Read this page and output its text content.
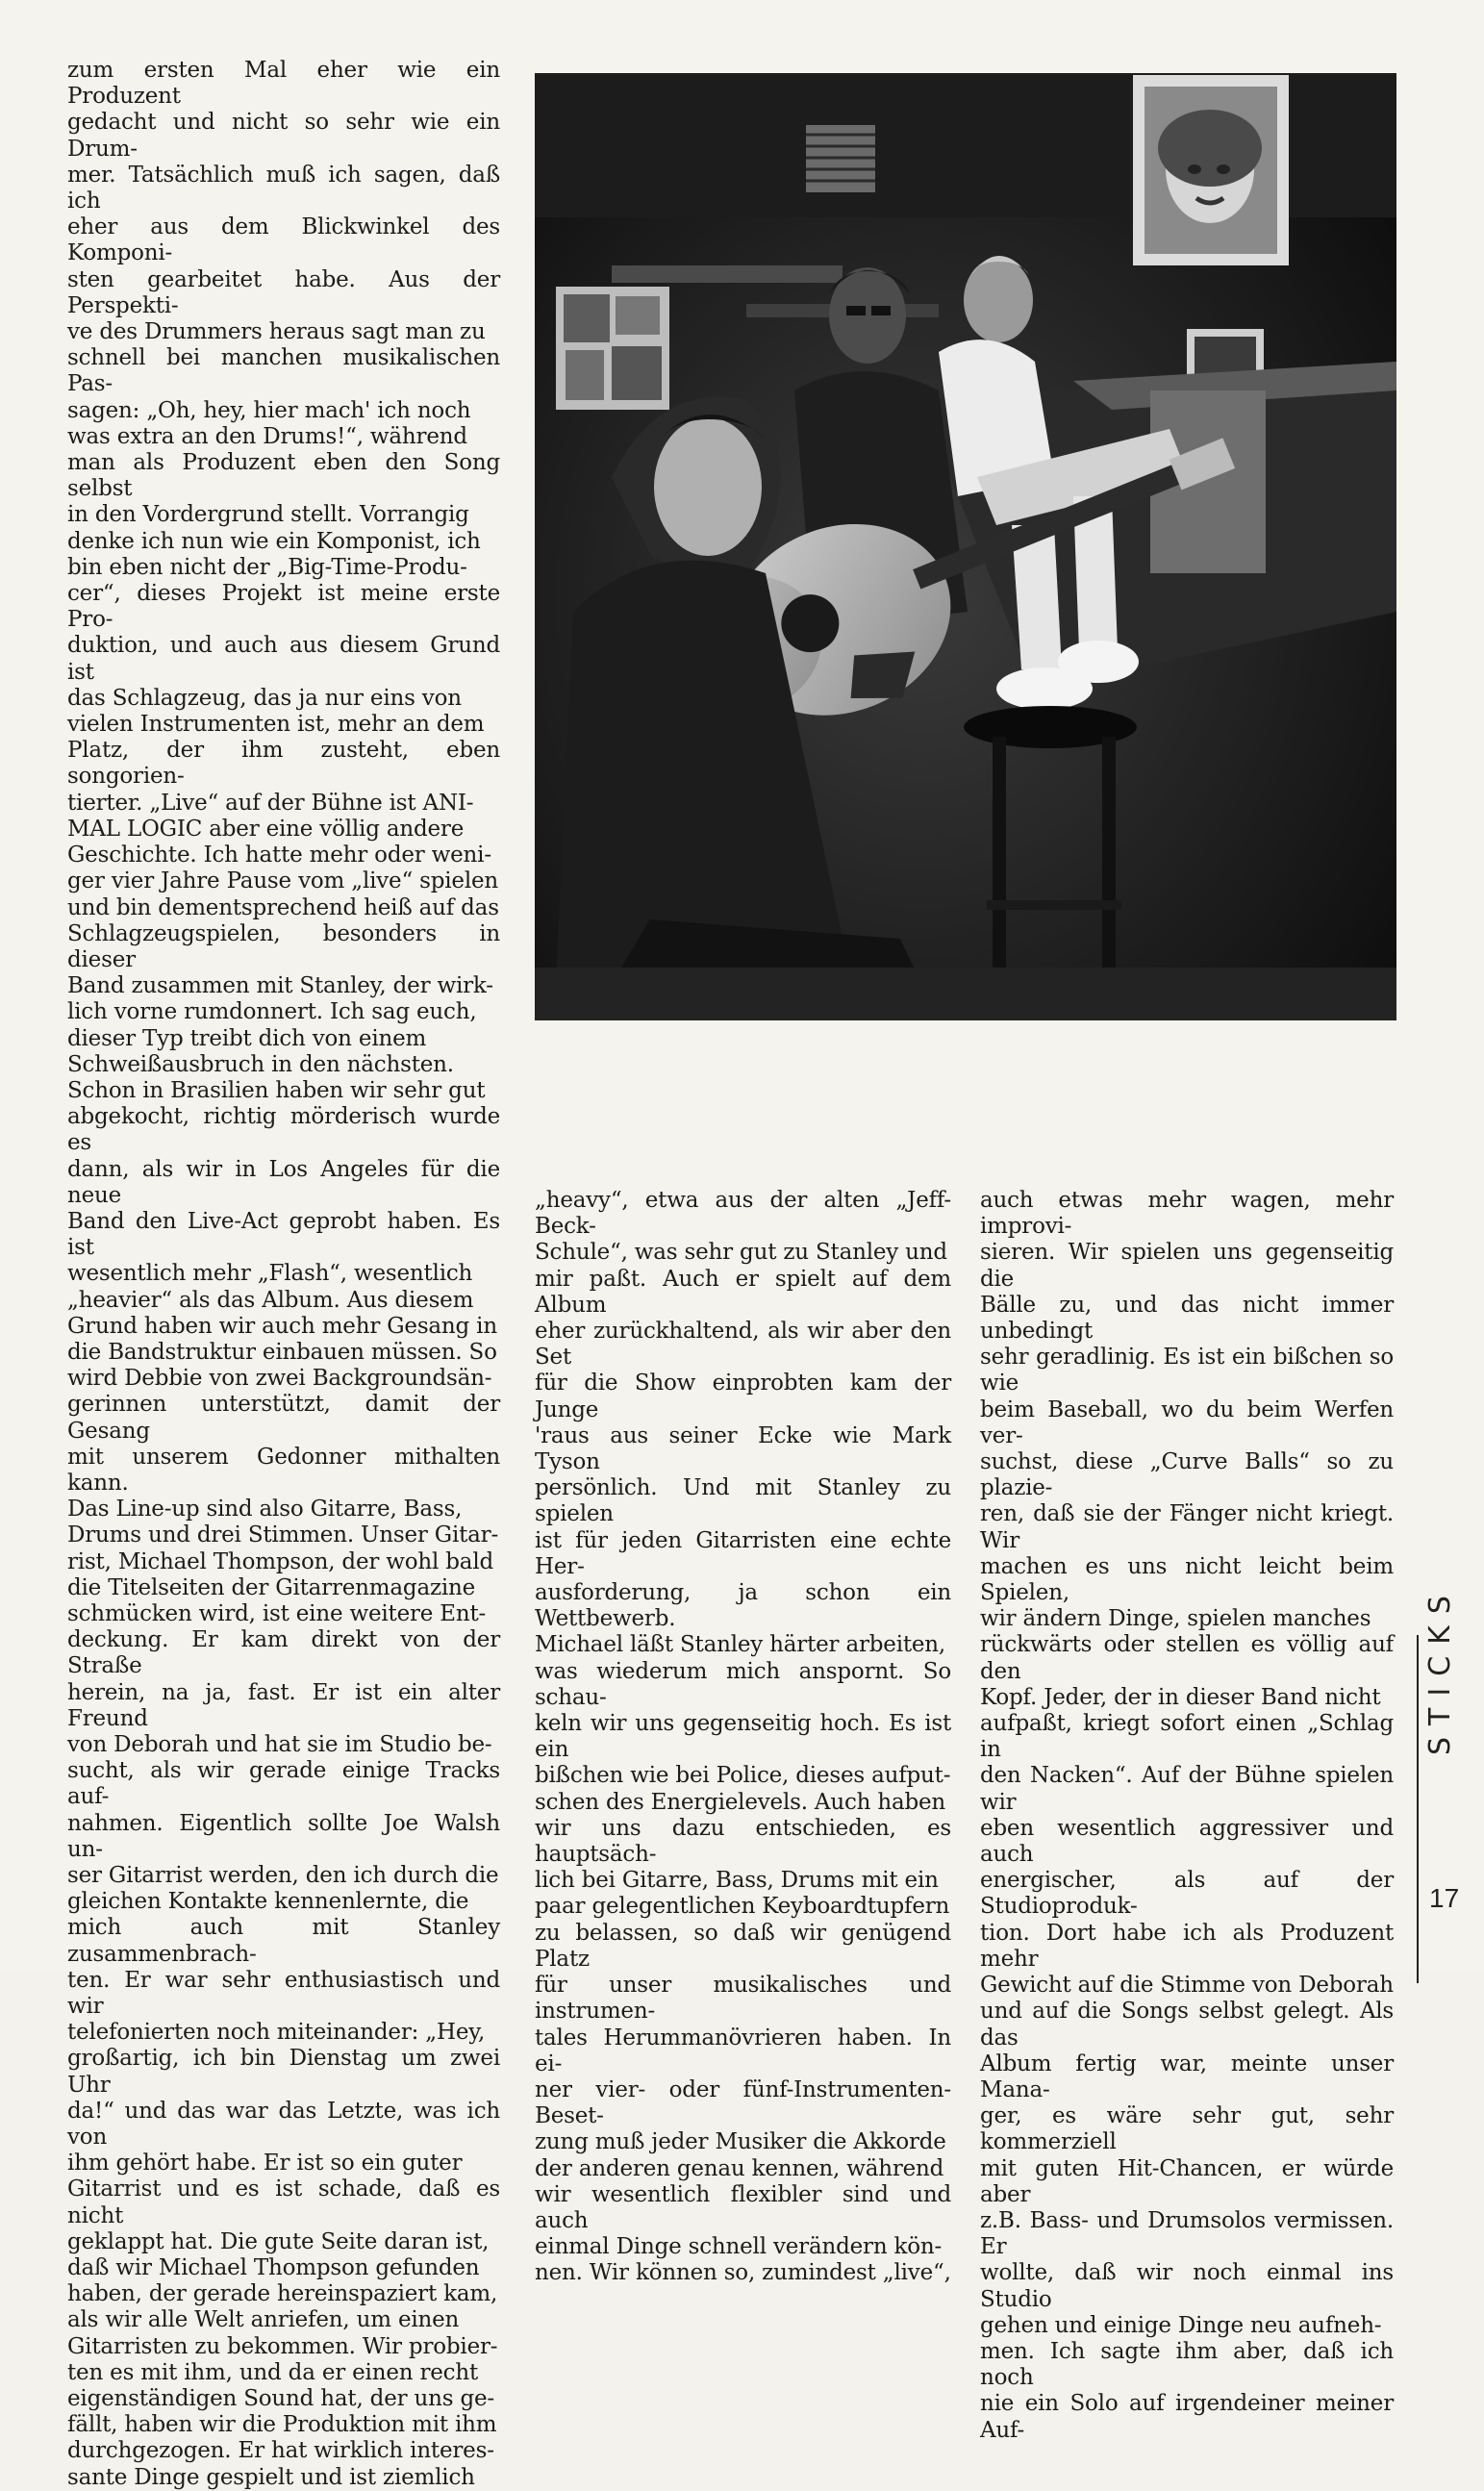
zum ersten Mal eher wie ein Produzent
gedacht und nicht so sehr wie ein Drum-
mer. Tatsächlich muß ich sagen, daß ich
eher aus dem Blickwinkel des Komponi-
sten gearbeitet habe. Aus der Perspekti-
ve des Drummers heraus sagt man zu
schnell bei manchen musikalischen Pas-
sagen: „Oh, hey, hier mach' ich noch
was extra an den Drums!“, während
man als Produzent eben den Song selbst
in den Vordergrund stellt. Vorrangig
denke ich nun wie ein Komponist, ich
bin eben nicht der „Big-Time-Produ-
cer“, dieses Projekt ist meine erste Pro-
duktion, und auch aus diesem Grund ist
das Schlagzeug, das ja nur eins von
vielen Instrumenten ist, mehr an dem
Platz, der ihm zusteht, eben songorien-
tierter. „Live“ auf der Bühne ist ANI-
MAL LOGIC aber eine völlig andere
Geschichte. Ich hatte mehr oder weni-
ger vier Jahre Pause vom „live“ spielen
und bin dementsprechend heiß auf das
Schlagzeugspielen, besonders in dieser
Band zusammen mit Stanley, der wirk-
lich vorne rumdonnert. Ich sag euch,
dieser Typ treibt dich von einem
Schweißausbruch in den nächsten.
Schon in Brasilien haben wir sehr gut
abgekocht, richtig mörderisch wurde es
dann, als wir in Los Angeles für die neue
Band den Live-Act geprobt haben. Es ist
wesentlich mehr „Flash“, wesentlich
„heavier“ als das Album. Aus diesem
Grund haben wir auch mehr Gesang in
die Bandstruktur einbauen müssen. So
wird Debbie von zwei Backgroundsän-
gerinnen unterstützt, damit der Gesang
mit unserem Gedonner mithalten kann.
Das Line-up sind also Gitarre, Bass,
Drums und drei Stimmen. Unser Gitar-
rist, Michael Thompson, der wohl bald
die Titelseiten der Gitarrenmagazine
schmücken wird, ist eine weitere Ent-
deckung. Er kam direkt von der Straße
herein, na ja, fast. Er ist ein alter Freund
von Deborah und hat sie im Studio be-
sucht, als wir gerade einige Tracks auf-
nahmen. Eigentlich sollte Joe Walsh un-
ser Gitarrist werden, den ich durch die
gleichen Kontakte kennenlernte, die
mich auch mit Stanley zusammenbrach-
ten. Er war sehr enthusiastisch und wir
telefonierten noch miteinander: „Hey,
großartig, ich bin Dienstag um zwei Uhr
da!“ und das war das Letzte, was ich von
ihm gehört habe. Er ist so ein guter
Gitarrist und es ist schade, daß es nicht
geklappt hat. Die gute Seite daran ist,
daß wir Michael Thompson gefunden
haben, der gerade hereinspaziert kam,
als wir alle Welt anriefen, um einen
Gitarristen zu bekommen. Wir probier-
ten es mit ihm, und da er einen recht
eigenständigen Sound hat, der uns ge-
fällt, haben wir die Produktion mit ihm
durchgezogen. Er hat wirklich interes-
sante Dinge gespielt und ist ziemlich
„heavy“, etwa aus der alten „Jeff-Beck-
Schule“, was sehr gut zu Stanley und
mir paßt. Auch er spielt auf dem Album
eher zurückhaltend, als wir aber den Set
für die Show einprobten kam der Junge
'raus aus seiner Ecke wie Mark Tyson
persönlich. Und mit Stanley zu spielen
ist für jeden Gitarristen eine echte Her-
ausforderung, ja schon ein Wettbewerb.
Michael läßt Stanley härter arbeiten,
was wiederum mich anspornt. So schau-
keln wir uns gegenseitig hoch. Es ist ein
bißchen wie bei Police, dieses aufput-
schen des Energielevels. Auch haben
wir uns dazu entschieden, es hauptsäch-
lich bei Gitarre, Bass, Drums mit ein
paar gelegentlichen Keyboardtupfern
zu belassen, so daß wir genügend Platz
für unser musikalisches und instrumen-
tales Herummanövrieren haben. In ei-
ner vier- oder fünf-Instrumenten-Beset-
zung muß jeder Musiker die Akkorde
der anderen genau kennen, während
wir wesentlich flexibler sind und auch
einmal Dinge schnell verändern kön-
nen. Wir können so, zumindest „live“,
auch etwas mehr wagen, mehr improvi-
sieren. Wir spielen uns gegenseitig die
Bälle zu, und das nicht immer unbedingt
sehr geradlinig. Es ist ein bißchen so wie
beim Baseball, wo du beim Werfen ver-
suchst, diese „Curve Balls“ so zu plazie-
ren, daß sie der Fänger nicht kriegt. Wir
machen es uns nicht leicht beim Spielen,
wir ändern Dinge, spielen manches
rückwärts oder stellen es völlig auf den
Kopf. Jeder, der in dieser Band nicht
aufpaßt, kriegt sofort einen „Schlag in
den Nacken“. Auf der Bühne spielen wir
eben wesentlich aggressiver und auch
energischer, als auf der Studioproduk-
tion. Dort habe ich als Produzent mehr
Gewicht auf die Stimme von Deborah
und auf die Songs selbst gelegt. Als das
Album fertig war, meinte unser Mana-
ger, es wäre sehr gut, sehr kommerziell
mit guten Hit-Chancen, er würde aber
z.B. Bass- und Drumsolos vermissen. Er
wollte, daß wir noch einmal ins Studio
gehen und einige Dinge neu aufneh-
men. Ich sagte ihm aber, daß ich noch
nie ein Solo auf irgendeiner meiner Auf-
STICKS
17
